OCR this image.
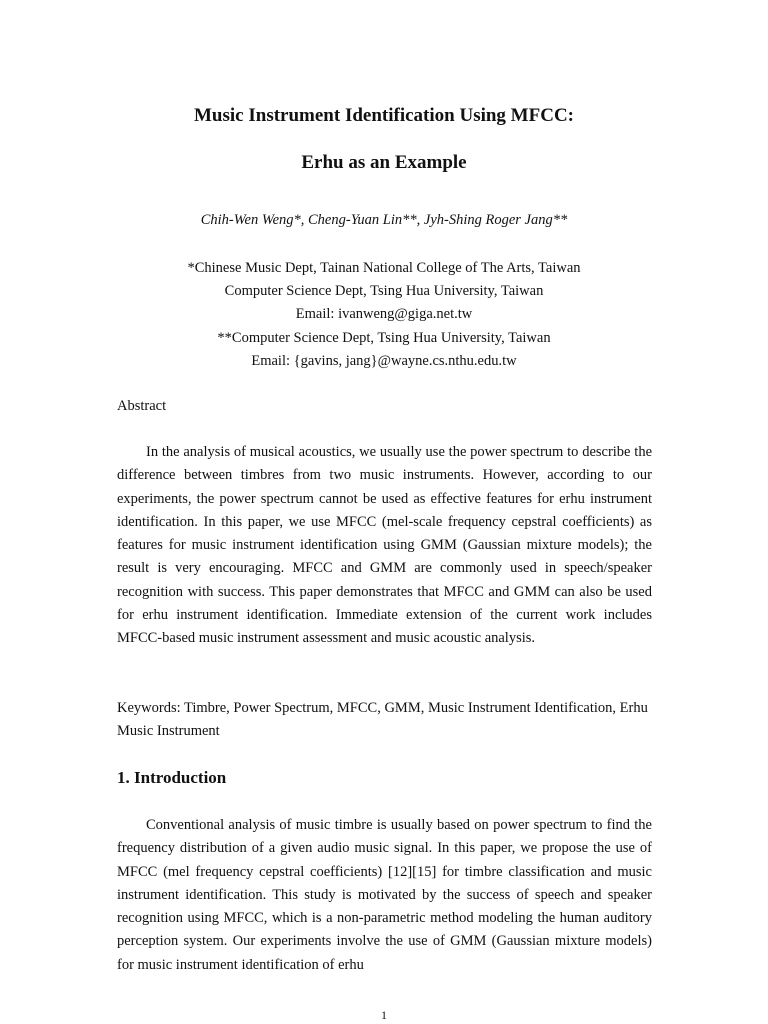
Music Instrument Identification Using MFCC:
Erhu as an Example

Chih-Wen Weng*, Cheng-Yuan Lin**, Jyh-Shing Roger Jang**

*Chinese Music Dept, Tainan National College of The Arts, Taiwan
Computer Science Dept, Tsing Hua University, Taiwan
Email: ivanweng@giga.net.tw
**Computer Science Dept, Tsing Hua University, Taiwan
Email: {gavins, jang}@wayne.cs.nthu.edu.tw

Abstract

In the analysis of musical acoustics, we usually use the power spectrum to describe the difference between timbres from two music instruments. However, according to our experiments, the power spectrum cannot be used as effective features for erhu instrument identification. In this paper, we use MFCC (mel-scale frequency cepstral coefficients) as features for music instrument identification using GMM (Gaussian mixture models); the result is very encouraging. MFCC and GMM are commonly used in speech/speaker recognition with success. This paper demonstrates that MFCC and GMM can also be used for erhu instrument identification. Immediate extension of the current work includes MFCC-based music instrument assessment and music acoustic analysis.

Keywords: Timbre, Power Spectrum, MFCC, GMM, Music Instrument Identification, Erhu Music Instrument

1. Introduction

Conventional analysis of music timbre is usually based on power spectrum to find the frequency distribution of a given audio music signal. In this paper, we propose the use of MFCC (mel frequency cepstral coefficients) [12][15] for timbre classification and music instrument identification. This study is motivated by the success of speech and speaker recognition using MFCC, which is a non-parametric method modeling the human auditory perception system. Our experiments involve the use of GMM (Gaussian mixture models) for music instrument identification of erhu

1
